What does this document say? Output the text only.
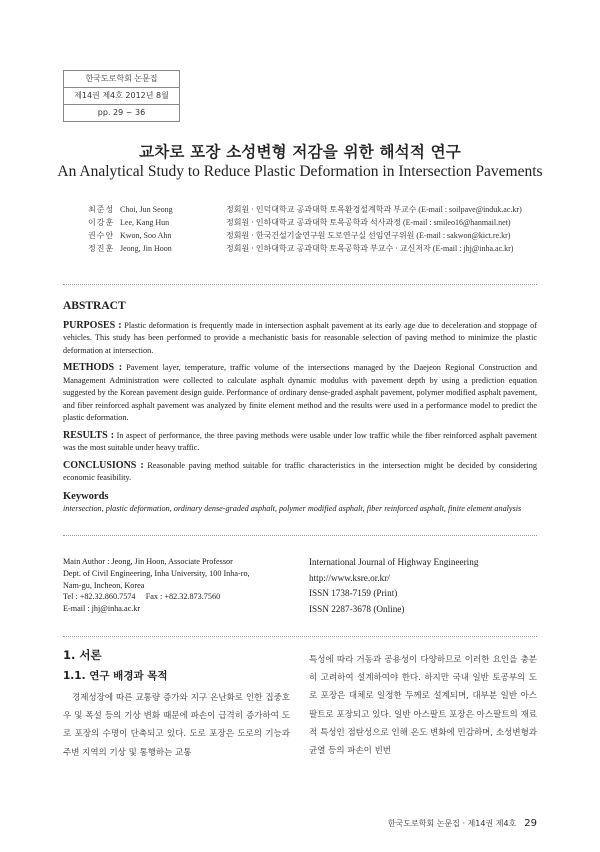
한국도로학회 논문집
제14권 제4호 2012년 8월
pp. 29 ~ 36
교차로 포장 소성변형 저감을 위한 해석적 연구
An Analytical Study to Reduce Plastic Deformation in Intersection Pavements
최준성 Choi, Jun Seong	정회원 · 인덕대학교 공과대학 토목환경설계학과 부교수 (E-mail : soilpave@induk.ac.kr)
이강훈 Lee, Kang Hun	정회원 · 인하대학교 공과대학 토목공학과 석사과정 (E-mail : smileo16@hanmail.net)
권수안 Kwon, Soo Ahn	정회원 · 한국건설기술연구원 도로연구실 선임연구위원 (E-mail : sakwon@kict.re.kr)
정진훈 Jeong, Jin Hoon	정회원 · 인하대학교 공과대학 토목공학과 부교수 · 교신저자 (E-mail : jhj@inha.ac.kr)
ABSTRACT

PURPOSES : Plastic deformation is frequently made in intersection asphalt pavement at its early age due to deceleration and stoppage of vehicles. This study has been performed to provide a mechanistic basis for reasonable selection of paving method to minimize the plastic deformation at intersection.

METHODS : Pavement layer, temperature, traffic volume of the intersections managed by the Daejeon Regional Construction and Management Administration were collected to calculate asphalt dynamic modulus with pavement depth by using a prediction equation suggested by the Korean pavement design guide. Performance of ordinary dense-graded asphalt pavement, polymer modified asphalt pavement, and fiber reinforced asphalt pavement was analyzed by finite element method and the results were used in a performance model to predict the plastic deformation.

RESULTS : In aspect of performance, the three paving methods were usable under low traffic while the fiber reinforced asphalt pavement was the most suitable under heavy traffic.

CONCLUSIONS : Reasonable paving method suitable for traffic characteristics in the intersection might be decided by considering economic feasibility.

Keywords
intersection, plastic deformation, ordinary dense-graded asphalt, polymer modified asphalt, fiber reinforced asphalt, finite element analysis
Main Author : Jeong, Jin Hoon, Associate Professor
Dept. of Civil Engineering, Inha University, 100 Inha-ro,
Nam-gu, Incheon, Korea
Tel : +82.32.860.7574     Fax : +82.32.873.7560
E-mail : jhj@inha.ac.kr
International Journal of Highway Engineering
http://www.ksre.or.kr/
ISSN 1738-7159 (Print)
ISSN 2287-3678 (Online)
1. 서론
1.1. 연구 배경과 목적

경제성장에 따른 교통량 증가와 지구 온난화로 인한 집중호우 및 폭설 등의 기상 변화 때문에 파손이 급격히 증가하여 도로 포장의 수명이 단축되고 있다. 도로 포장은 도로의 기능과 주변 지역의 기상 및 통행하는 교통

특성에 따라 거동과 공용성이 다양하므로 이러한 요인을 충분히 고려하여 설계하여야 한다. 하지만 국내 일반 토공부의 도로 포장은 대체로 일정한 두께로 설계되며, 대부분 일반 아스팔트로 포장되고 있다. 일반 아스팔트 포장은 아스팔트의 재료적 특성인 점탄성으로 인해 온도 변화에 민감하며, 소성변형과 균열 등의 파손이 빈번

한국도로학회 논문집 · 제14권 제4호 29
